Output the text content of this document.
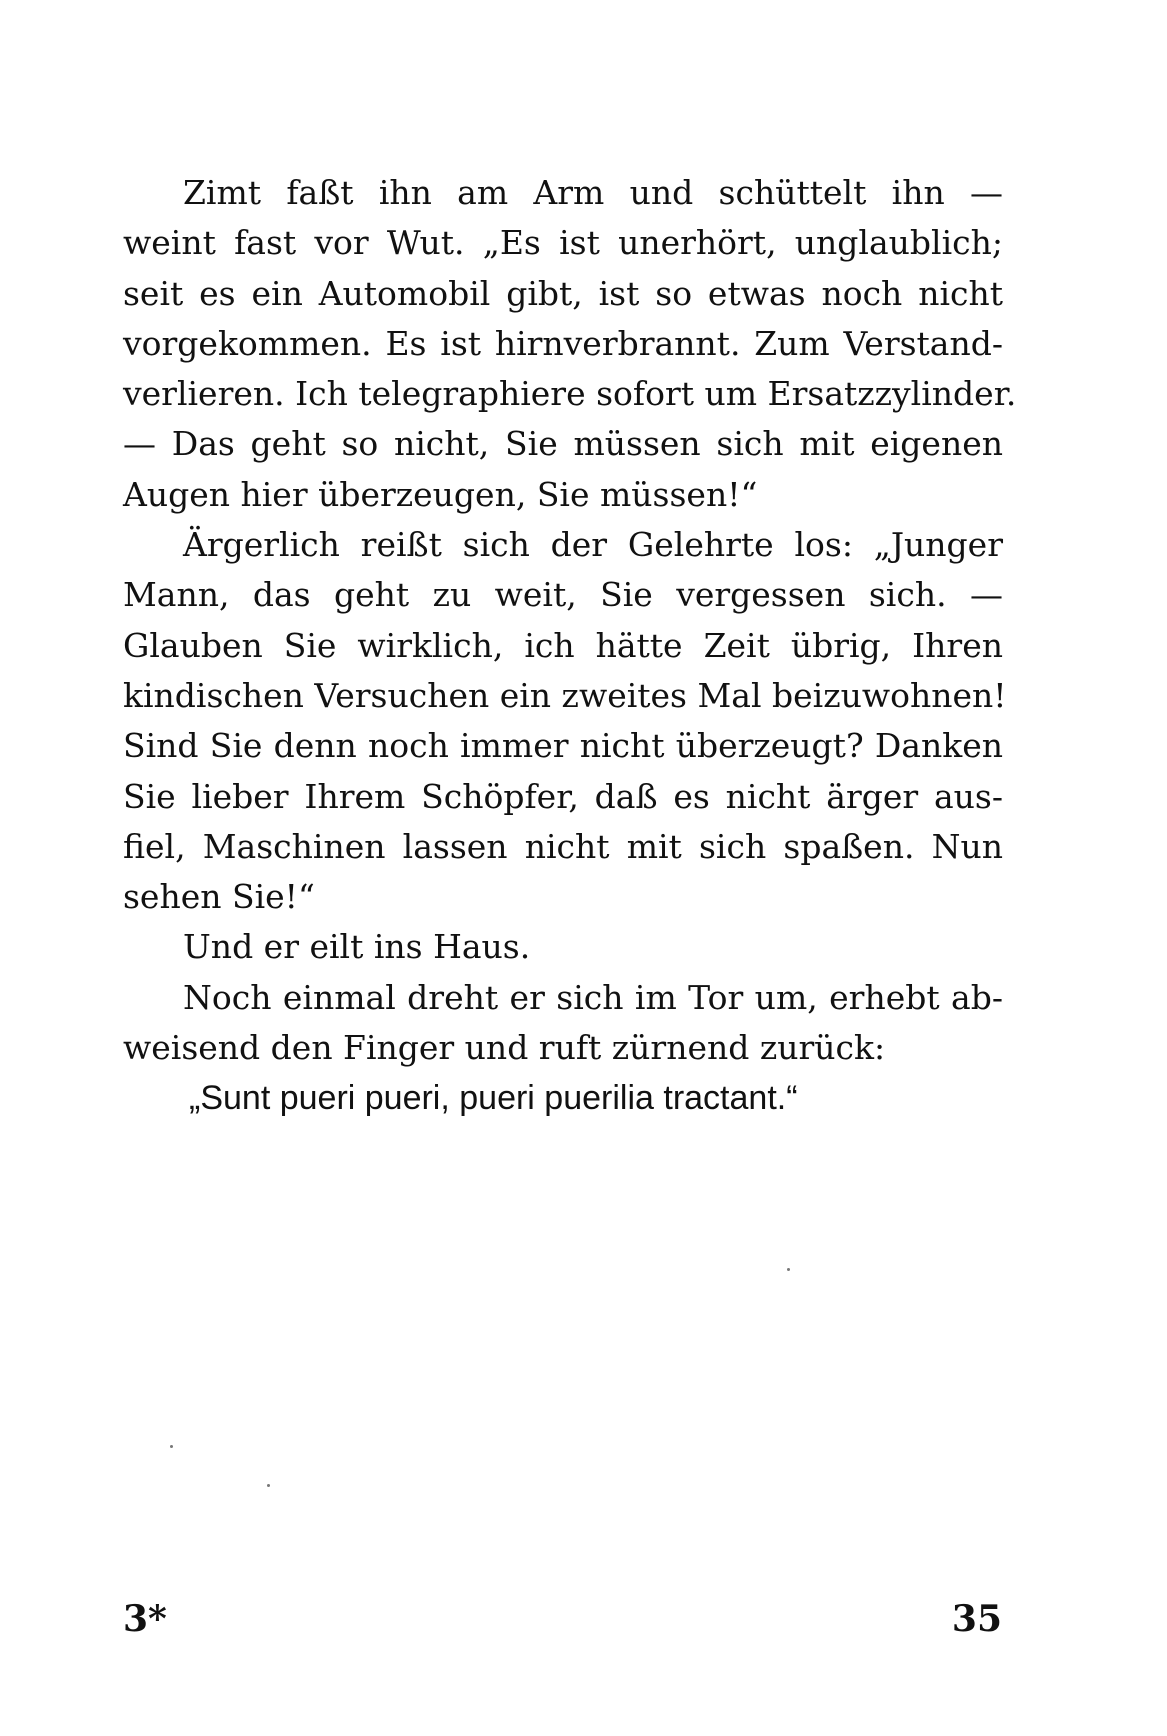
Zimt faßt ihn am Arm und schüttelt ihn —
weint fast vor Wut. „Es ist unerhört, unglaublich;
seit es ein Automobil gibt, ist so etwas noch nicht
vorgekommen. Es ist hirnverbrannt. Zum Verstand-
verlieren. Ich telegraphiere sofort um Ersatzzylinder.
— Das geht so nicht, Sie müssen sich mit eigenen
Augen hier überzeugen, Sie müssen!“
Ärgerlich reißt sich der Gelehrte los: „Junger
Mann, das geht zu weit, Sie vergessen sich. —
Glauben Sie wirklich, ich hätte Zeit übrig, Ihren
kindischen Versuchen ein zweites Mal beizuwohnen!
Sind Sie denn noch immer nicht überzeugt? Danken
Sie lieber Ihrem Schöpfer, daß es nicht ärger aus-
fiel, Maschinen lassen nicht mit sich spaßen. Nun
sehen Sie!“
Und er eilt ins Haus.
Noch einmal dreht er sich im Tor um, erhebt ab-
weisend den Finger und ruft zürnend zurück:
„Sunt pueri pueri, pueri puerilia tractant.“
3*	35
